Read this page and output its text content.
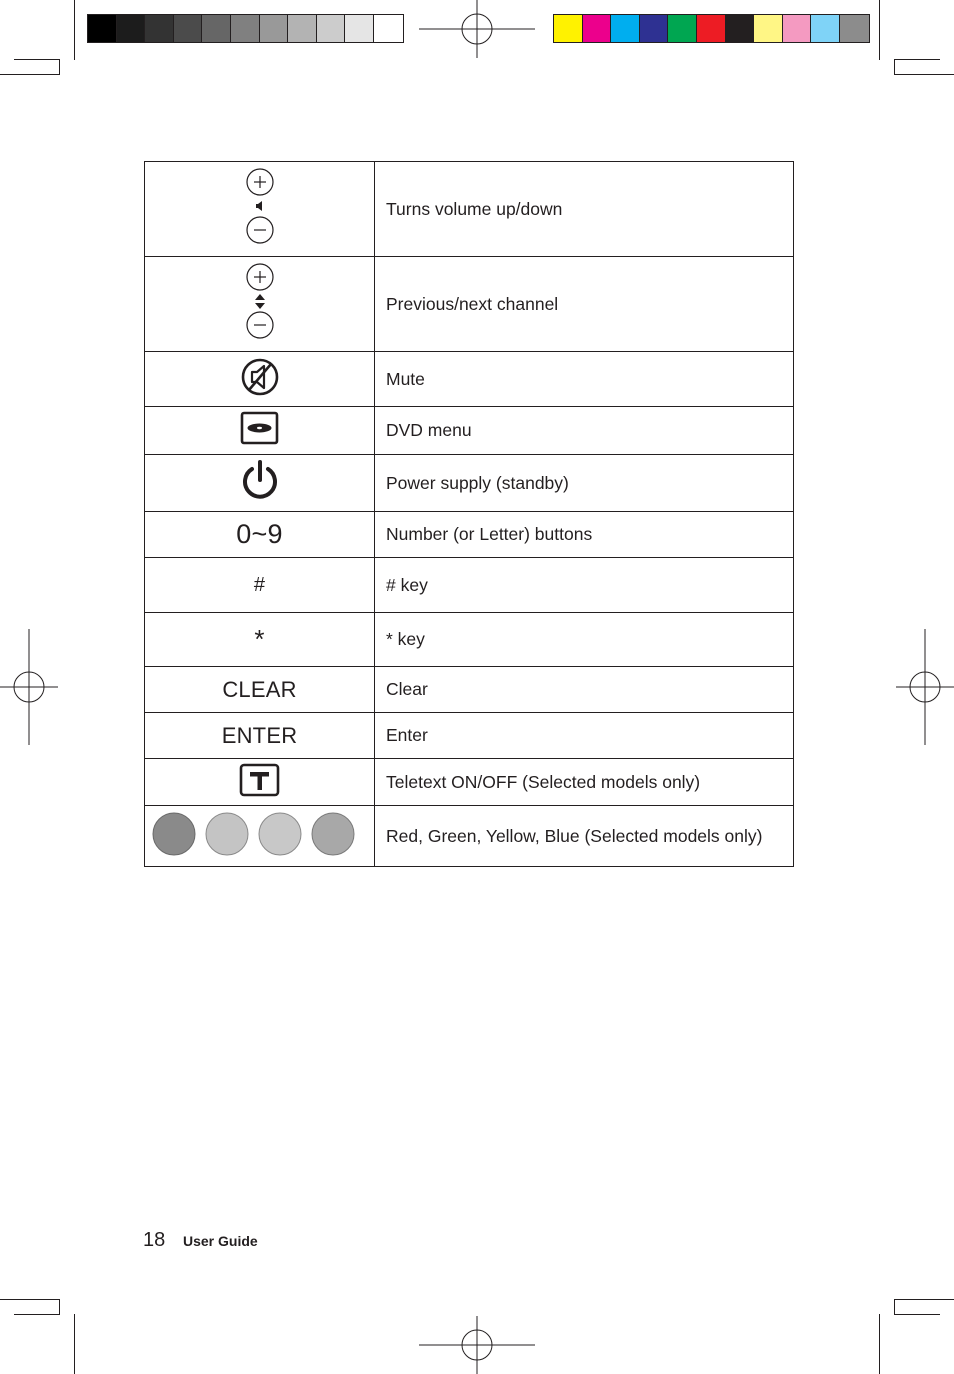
	Turns volume up/down
	Previous/next channel
	Mute
	DVD menu
	Power supply (standby)
0~9	Number (or Letter) buttons
#	# key
*	* key
CLEAR	Clear
ENTER	Enter
	Teletext ON/OFF (Selected models only)
	Red, Green, Yellow, Blue (Selected models only)
18 User Guide
